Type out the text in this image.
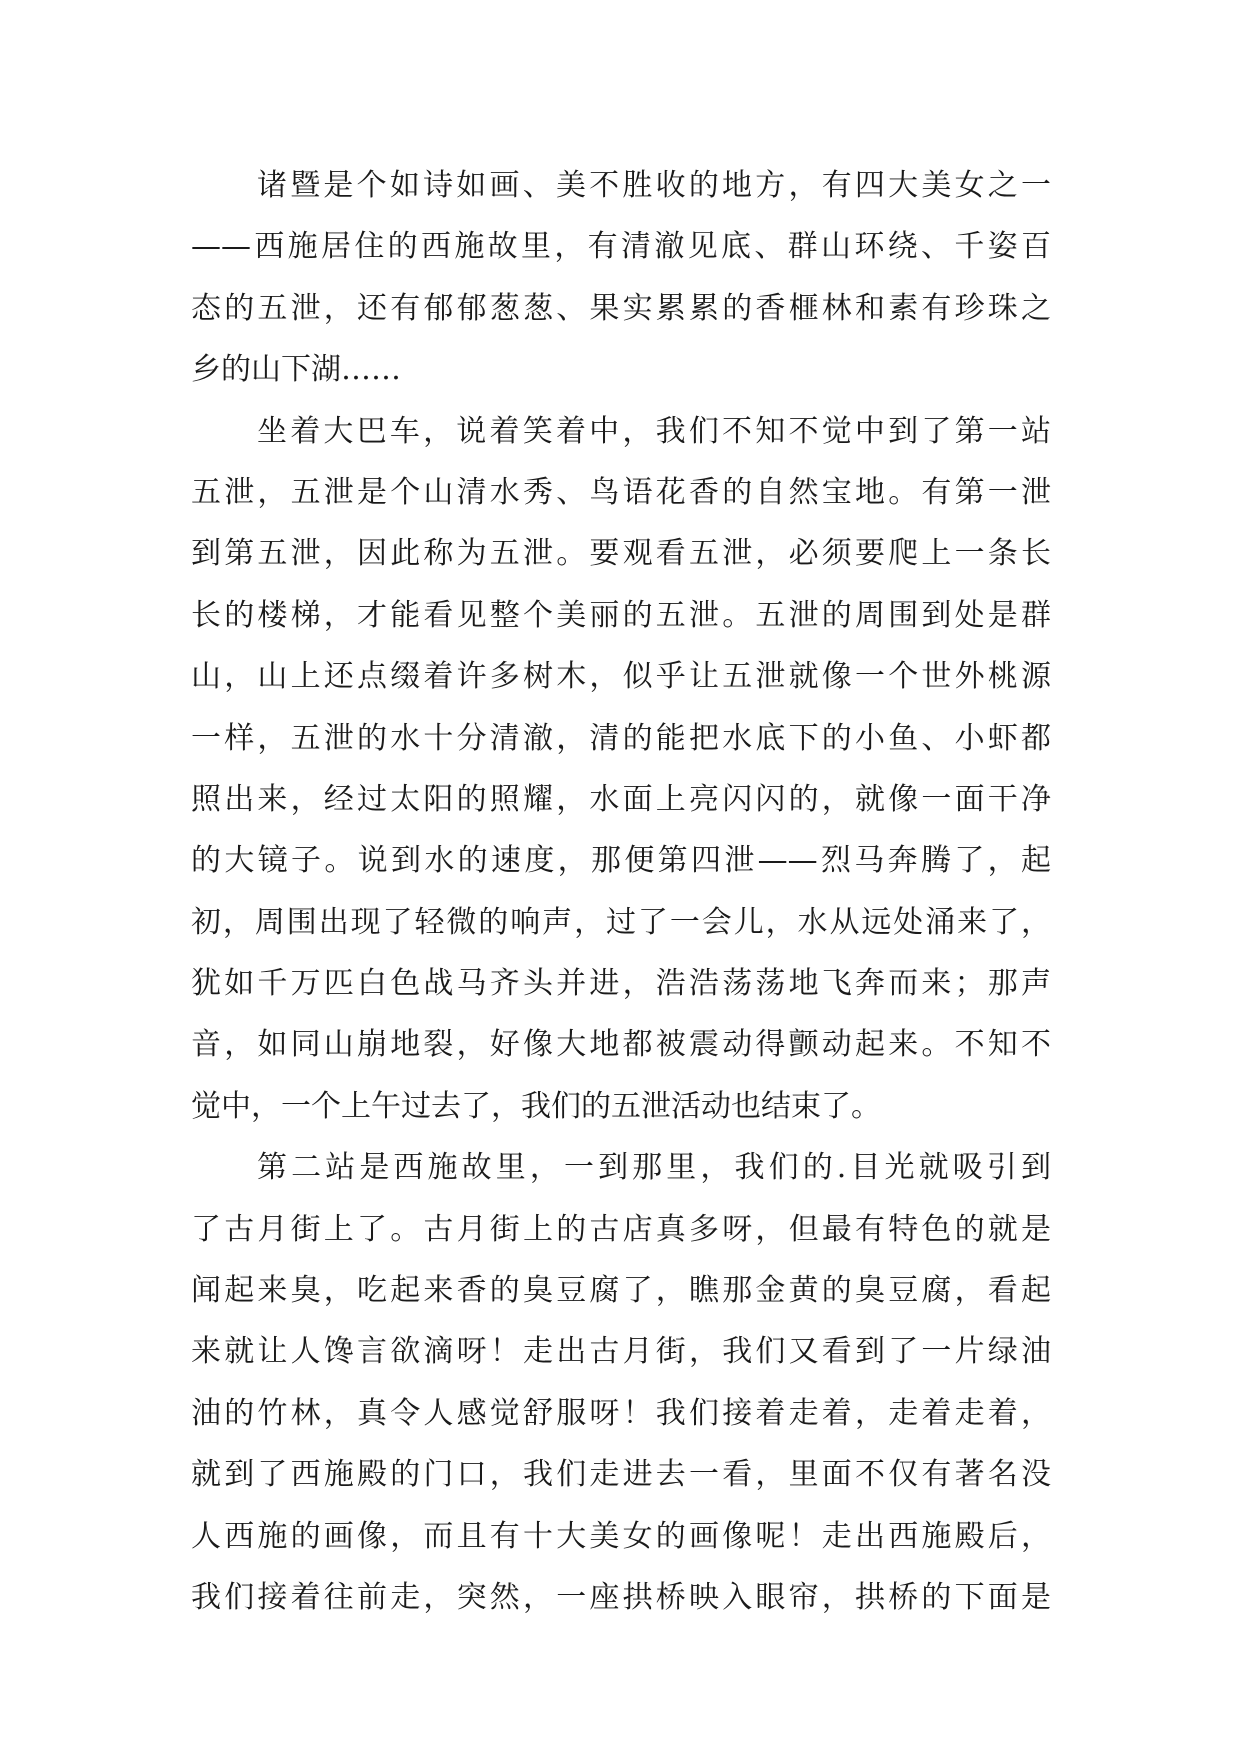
诸暨是个如诗如画、美不胜收的地方，有四大美女之一
——西施居住的西施故里，有清澈见底、群山环绕、千姿百
态的五泄，还有郁郁葱葱、果实累累的香榧林和素有珍珠之
乡的山下湖……
坐着大巴车，说着笑着中，我们不知不觉中到了第一站
五泄，五泄是个山清水秀、鸟语花香的自然宝地。有第一泄
到第五泄，因此称为五泄。要观看五泄，必须要爬上一条长
长的楼梯，才能看见整个美丽的五泄。五泄的周围到处是群
山，山上还点缀着许多树木，似乎让五泄就像一个世外桃源
一样，五泄的水十分清澈，清的能把水底下的小鱼、小虾都
照出来，经过太阳的照耀，水面上亮闪闪的，就像一面干净
的大镜子。说到水的速度，那便第四泄——烈马奔腾了，起
初，周围出现了轻微的响声，过了一会儿，水从远处涌来了，
犹如千万匹白色战马齐头并进，浩浩荡荡地飞奔而来；那声
音，如同山崩地裂，好像大地都被震动得颤动起来。不知不
觉中，一个上午过去了，我们的五泄活动也结束了。
第二站是西施故里，一到那里，我们的.目光就吸引到
了古月街上了。古月街上的古店真多呀，但最有特色的就是
闻起来臭，吃起来香的臭豆腐了，瞧那金黄的臭豆腐，看起
来就让人馋言欲滴呀！走出古月街，我们又看到了一片绿油
油的竹林，真令人感觉舒服呀！我们接着走着，走着走着，
就到了西施殿的门口，我们走进去一看，里面不仅有著名没
人西施的画像，而且有十大美女的画像呢！走出西施殿后，
我们接着往前走，突然，一座拱桥映入眼帘，拱桥的下面是
